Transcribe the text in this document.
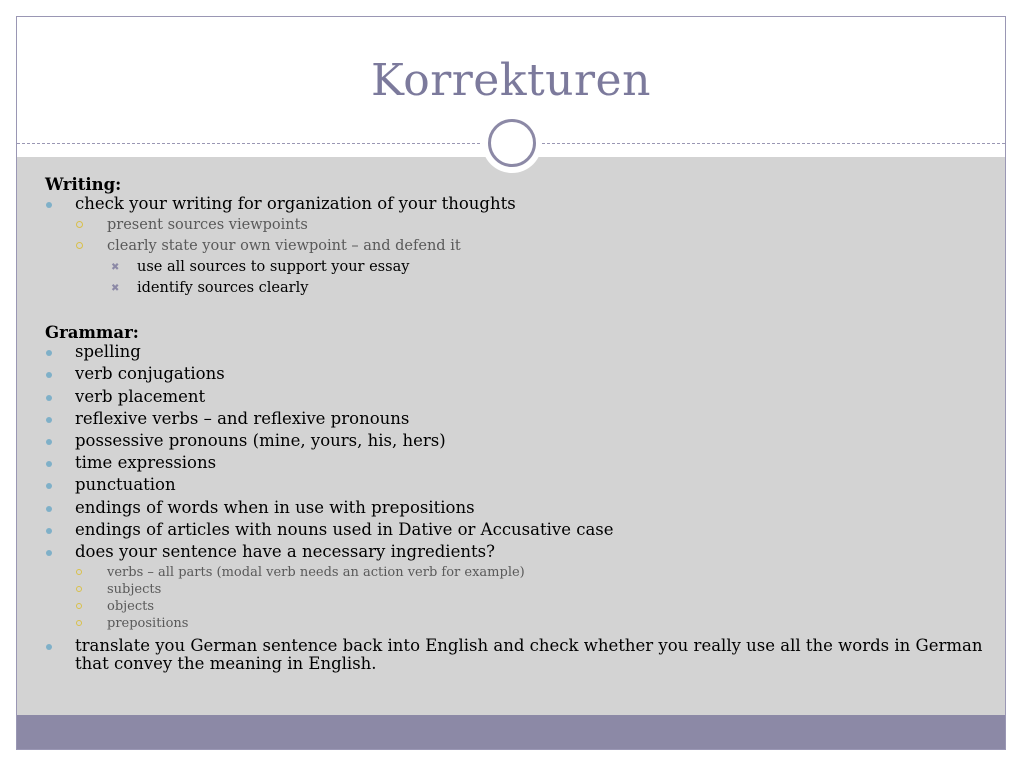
Korrekturen
Writing:
check your writing for organization of your thoughts
present sources viewpoints
clearly state your own viewpoint – and defend it
✖ use all sources to support your essay
✖ identify sources clearly
Grammar:
spelling
verb conjugations
verb placement
reflexive verbs – and reflexive pronouns
possessive pronouns (mine, yours, his, hers)
time expressions
punctuation
endings of words when in use with prepositions
endings of articles with nouns used in Dative or Accusative case
does your sentence have a necessary ingredients?
verbs – all parts (modal verb needs an action verb for example)
subjects
objects
prepositions
translate you German sentence back into English and check whether you really use all the words in German that convey the meaning in English.
